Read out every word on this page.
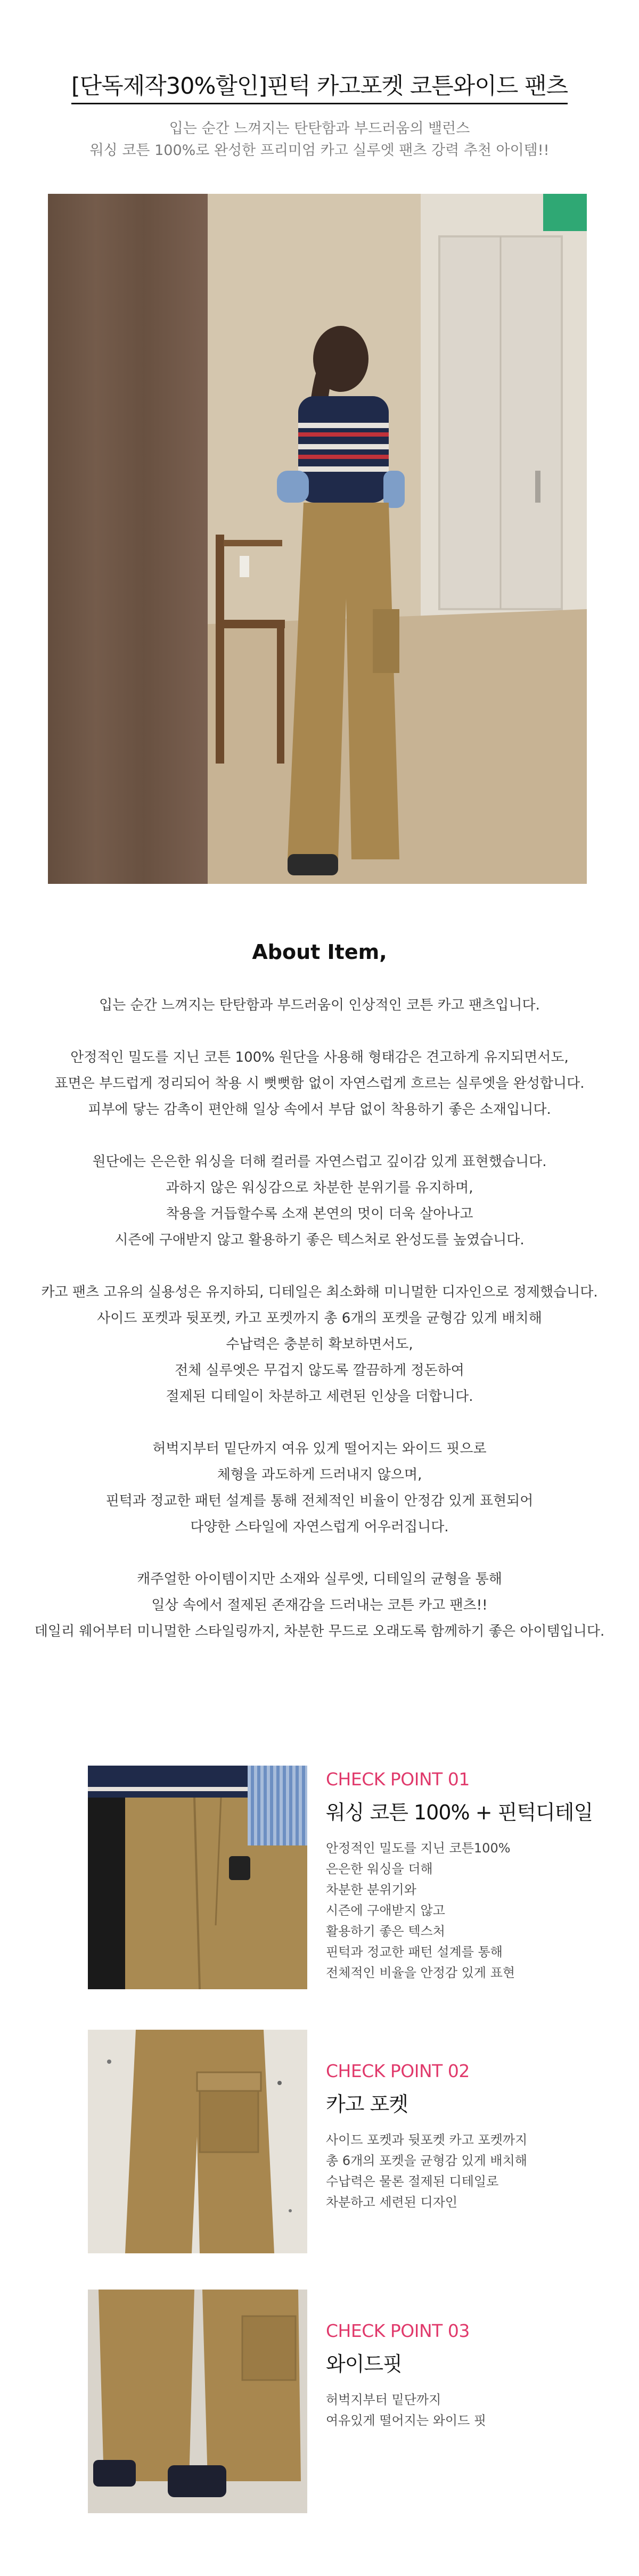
[단독제작30%할인]핀턱 카고포켓 코튼와이드 팬츠
입는 순간 느껴지는 탄탄함과 부드러움의 밸런스
워싱 코튼 100%로 완성한 프리미엄 카고 실루엣 팬츠 강력 추천 아이템!!
About Item,

입는 순간 느껴지는 탄탄함과 부드러움이 인상적인 코튼 카고 팬츠입니다.

안정적인 밀도를 지닌 코튼 100% 원단을 사용해 형태감은 견고하게 유지되면서도,
표면은 부드럽게 정리되어 착용 시 뻣뻣함 없이 자연스럽게 흐르는 실루엣을 완성합니다.
피부에 닿는 감촉이 편안해 일상 속에서 부담 없이 착용하기 좋은 소재입니다.

원단에는 은은한 워싱을 더해 컬러를 자연스럽고 깊이감 있게 표현했습니다.
과하지 않은 워싱감으로 차분한 분위기를 유지하며,
착용을 거듭할수록 소재 본연의 멋이 더욱 살아나고
시즌에 구애받지 않고 활용하기 좋은 텍스처로 완성도를 높였습니다.

카고 팬츠 고유의 실용성은 유지하되, 디테일은 최소화해 미니멀한 디자인으로 정제했습니다.
사이드 포켓과 뒷포켓, 카고 포켓까지 총 6개의 포켓을 균형감 있게 배치해
수납력은 충분히 확보하면서도,
전체 실루엣은 무겁지 않도록 깔끔하게 정돈하여
절제된 디테일이 차분하고 세련된 인상을 더합니다.

허벅지부터 밑단까지 여유 있게 떨어지는 와이드 핏으로
체형을 과도하게 드러내지 않으며,
핀턱과 정교한 패턴 설계를 통해 전체적인 비율이 안정감 있게 표현되어
다양한 스타일에 자연스럽게 어우러집니다.

캐주얼한 아이템이지만 소재와 실루엣, 디테일의 균형을 통해
일상 속에서 절제된 존재감을 드러내는 코튼 카고 팬츠!!
데일리 웨어부터 미니멀한 스타일링까지, 차분한 무드로 오래도록 함께하기 좋은 아이템입니다.

CHECK POINT 01
워싱 코튼 100% + 핀턱디테일
안정적인 밀도를 지닌 코튼100%
은은한 워싱을 더해
차분한 분위기와
시즌에 구애받지 않고
활용하기 좋은 텍스처
핀턱과 정교한 패턴 설계를 통해
전체적인 비율을 안정감 있게 표현
CHECK POINT 02
카고 포켓
사이드 포켓과 뒷포켓 카고 포켓까지
총 6개의 포켓을 균형감 있게 배치해
수납력은 물론 절제된 디테일로
차분하고 세련된 디자인
CHECK POINT 03
와이드핏
허벅지부터 밑단까지
여유있게 떨어지는 와이드 핏
